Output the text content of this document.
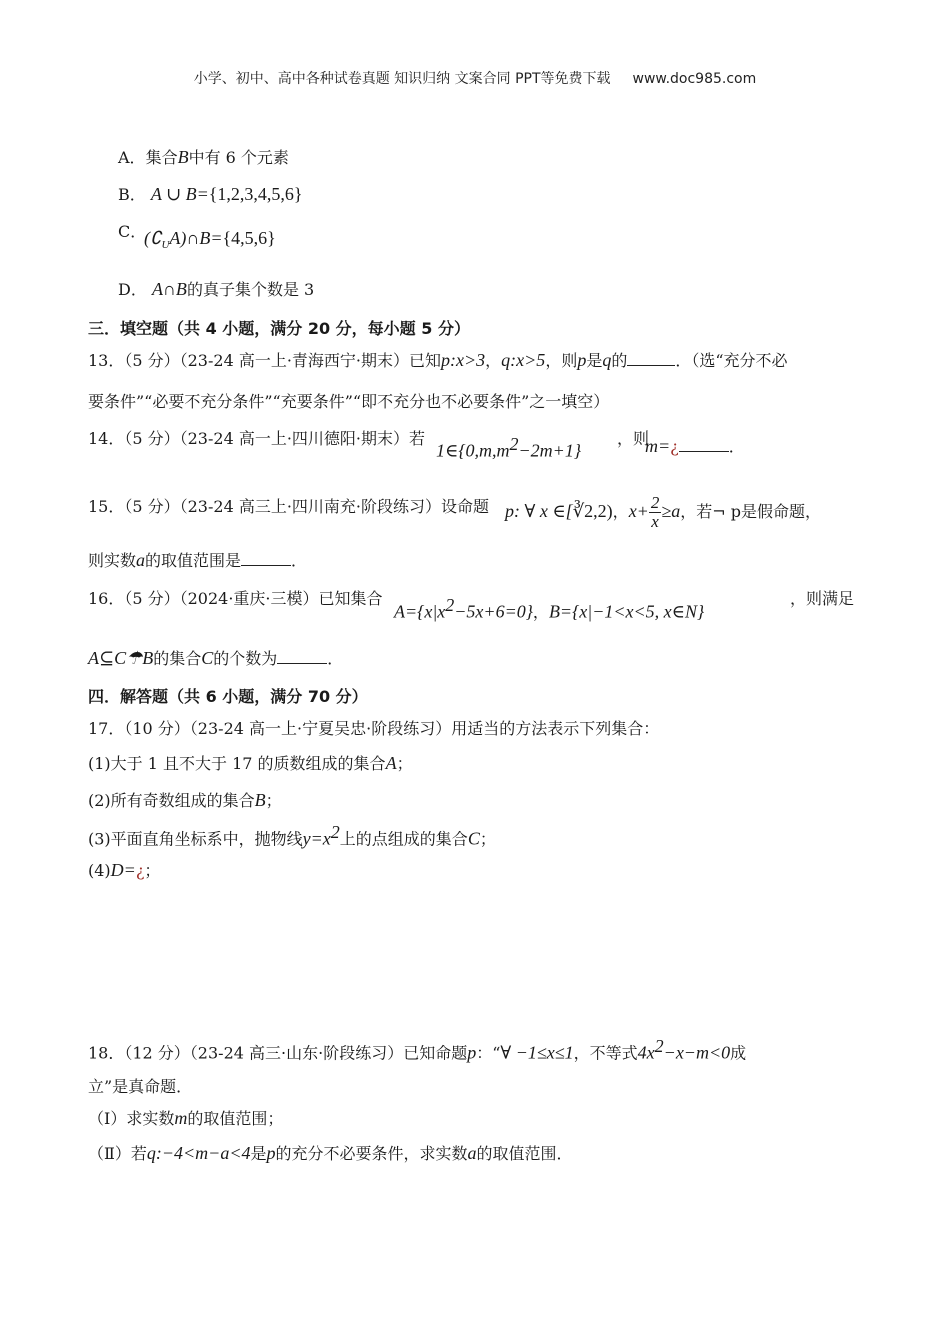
小学、初中、高中各种试卷真题 知识归纳 文案合同 PPT等免费下载 www.doc985.com
A．集合B中有 6 个元素
B． A ∪ B={1,2,3,4,5,6}
C．
$(∁_UA)\cap B=\{4,5,6\}$
D． A∩B的真子集个数是 3
三．填空题（共 4 小题，满分 20 分，每小题 5 分）
13．（5 分）（23-24 高一上·青海西宁·期末）已知p:x>3，q:x>5，则p是q的	．（选“充分不必
要条件”“必要不充分条件”“充要条件”“即不充分也不必要条件”之一填空）
14．（5 分）（23-24 高一上·四川德阳·期末）若
$1\in\{0,m,m^2-2m+1\}$
，则
m=¿	．
15．（5 分）（23-24 高三上·四川南充·阶段练习）设命题 p: ∀ x ∈[∛2,2)，$x+ \frac{2}{x} \ge a$，若¬ p是假命题，
则实数a的取值范围是	．
16．（5 分）（2024·重庆·三模）已知集合
$A=\{x|x^2-5x+6=0\}$，B={x|−1<x<5, x∈N}
，则满足
A⊆C☂B的集合C的个数为	．
四．解答题（共 6 小题，满分 70 分）
17．（10 分）（23-24 高一上·宁夏吴忠·阶段练习）用适当的方法表示下列集合：
(1)大于 1 且不大于 17 的质数组成的集合A；
(2)所有奇数组成的集合B；
(3)平面直角坐标系中，抛物线$y=x^2$上的点组成的集合C；
(4)D=¿；
18．（12 分）（23-24 高三·山东·阶段练习）已知命题p：“∀ −1≤x≤1，不等式$4x^2-x-m<0$成
立”是真命题．
（Ⅰ）求实数m的取值范围；
（Ⅱ）若q:−4<m−a<4是p的充分不必要条件，求实数a的取值范围．
